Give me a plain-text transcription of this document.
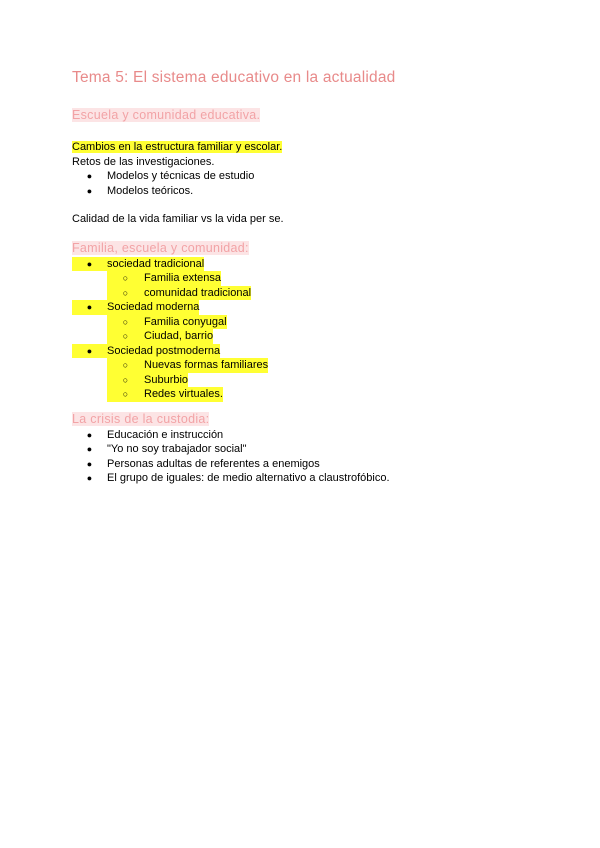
Tema 5: El sistema educativo en la actualidad
Escuela y comunidad educativa.
Cambios en la estructura familiar y escolar.
Retos de las investigaciones.
●	Modelos y técnicas de estudio
●	Modelos teóricos.
Calidad de la vida familiar vs la vida per se.
Familia, escuela y comunidad:
●	sociedad tradicional
○	Familia extensa
○	comunidad tradicional
●	Sociedad moderna
○	Familia conyugal
○	Ciudad, barrio
●	Sociedad postmoderna
○	Nuevas formas familiares
○	Suburbio
○	Redes virtuales.
La crisis de la custodia:
●	Educación e instrucción
●	"Yo no soy trabajador social"
●	Personas adultas de referentes a enemigos
●	El grupo de iguales: de medio alternativo a claustrofóbico.
